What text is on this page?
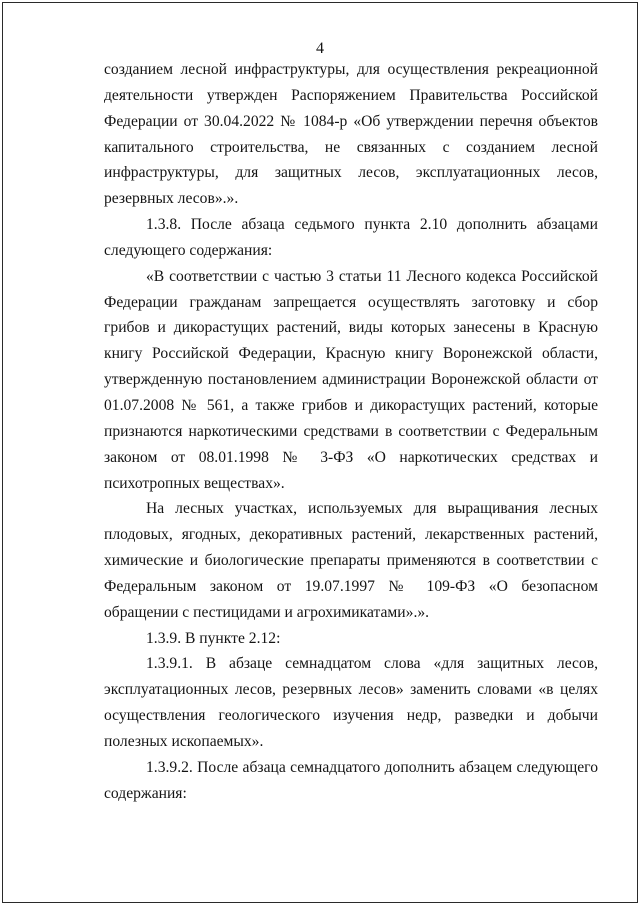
4

созданием лесной инфраструктуры, для осуществления рекреационной деятельности утвержден Распоряжением Правительства Российской Федерации от 30.04.2022 № 1084-р «Об утверждении перечня объектов капитального строительства, не связанных с созданием лесной инфраструктуры, для защитных лесов, эксплуатационных лесов, резервных лесов».».

1.3.8. После абзаца седьмого пункта 2.10 дополнить абзацами следующего содержания:

«В соответствии с частью 3 статьи 11 Лесного кодекса Российской Федерации гражданам запрещается осуществлять заготовку и сбор грибов и дикорастущих растений, виды которых занесены в Красную книгу Российской Федерации, Красную книгу Воронежской области, утвержденную постановлением администрации Воронежской области от 01.07.2008 № 561, а также грибов и дикорастущих растений, которые признаются наркотическими средствами в соответствии с Федеральным законом от 08.01.1998 № 3-ФЗ «О наркотических средствах и психотропных веществах».

На лесных участках, используемых для выращивания лесных плодовых, ягодных, декоративных растений, лекарственных растений, химические и биологические препараты применяются в соответствии с Федеральным законом от 19.07.1997 № 109-ФЗ «О безопасном обращении с пестицидами и агрохимикатами».».

1.3.9. В пункте 2.12:

1.3.9.1. В абзаце семнадцатом слова «для защитных лесов, эксплуатационных лесов, резервных лесов» заменить словами «в целях осуществления геологического изучения недр, разведки и добычи полезных ископаемых».

1.3.9.2. После абзаца семнадцатого дополнить абзацем следующего содержания:
